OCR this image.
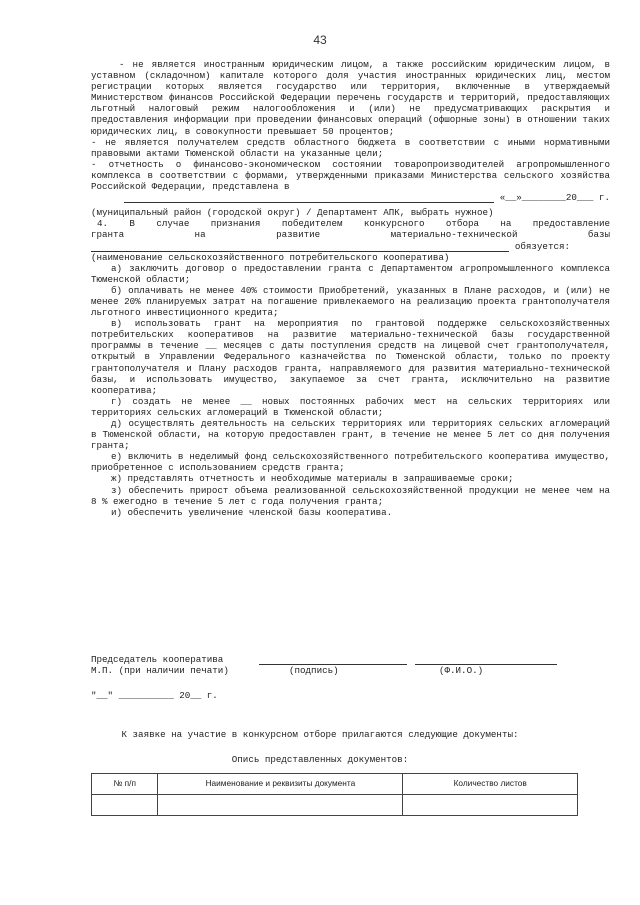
43

- не является иностранным юридическим лицом, а также российским юридическим лицом, в уставном (складочном) капитале которого доля участия иностранных юридических лиц, местом регистрации которых является государство или территория, включенные в утверждаемый Министерством финансов Российской Федерации перечень государств и территорий, предоставляющих льготный налоговый режим налогообложения и (или) не предусматривающих раскрытия и предоставления информации при проведении финансовых операций (офшорные зоны) в отношении таких юридических лиц, в совокупности превышает 50 процентов;

- не является получателем средств областного бюджета в соответствии с иными нормативными правовыми актами Тюменской области на указанные цели;

- отчетность о финансово-экономическом состоянии товаропроизводителей агропромышленного комплекса в соответствии с формами, утвержденными приказами Министерства сельского хозяйства Российской Федерации, представлена в

«__»________20___ г.

(муниципальный район (городской округ) / Департамент АПК, выбрать нужное)

4. В случае признания победителем конкурсного отбора на предоставление

гранта на развитие материально-технической базы

обязуется:

(наименование сельскохозяйственного потребительского кооператива)

а) заключить договор о предоставлении гранта с Департаментом агропромышленного комплекса Тюменской области;

б) оплачивать не менее 40% стоимости Приобретений, указанных в Плане расходов, и (или) не менее 20% планируемых затрат на погашение привлекаемого на реализацию проекта грантополучателя льготного инвестиционного кредита;

в) использовать грант на мероприятия по грантовой поддержке сельскохозяйственных потребительских кооперативов на развитие материально-технической базы государственной программы в течение __ месяцев с даты поступления средств на лицевой счет грантополучателя, открытый в Управлении Федерального казначейства по Тюменской области, только по проекту грантополучателя и Плану расходов гранта, направляемого для развития материально-технической базы, и использовать имущество, закупаемое за счет гранта, исключительно на развитие кооператива;

г) создать не менее __ новых постоянных рабочих мест на сельских территориях или территориях сельских агломераций в Тюменской области;

д) осуществлять деятельность на сельских территориях или территориях сельских агломераций в Тюменской области, на которую предоставлен грант, в течение не менее 5 лет со дня получения гранта;

е) включить в неделимый фонд сельскохозяйственного потребительского кооператива имущество, приобретенное с использованием средств гранта;

ж) представлять отчетность и необходимые материалы в запрашиваемые сроки;

з) обеспечить прирост объема реализованной сельскохозяйственной продукции не менее чем на 8 % ежегодно в течение 5 лет с года получения гранта;

и) обеспечить увеличение членской базы кооператива.

Председатель кооператива
М.П. (при наличии печати)	(подпись)	(Ф.И.О.)
"__" __________ 20__ г.
К заявке на участие в конкурсном отборе прилагаются следующие документы:
Опись представленных документов:
№ п/п	Наименование и реквизиты документа	Количество листов
